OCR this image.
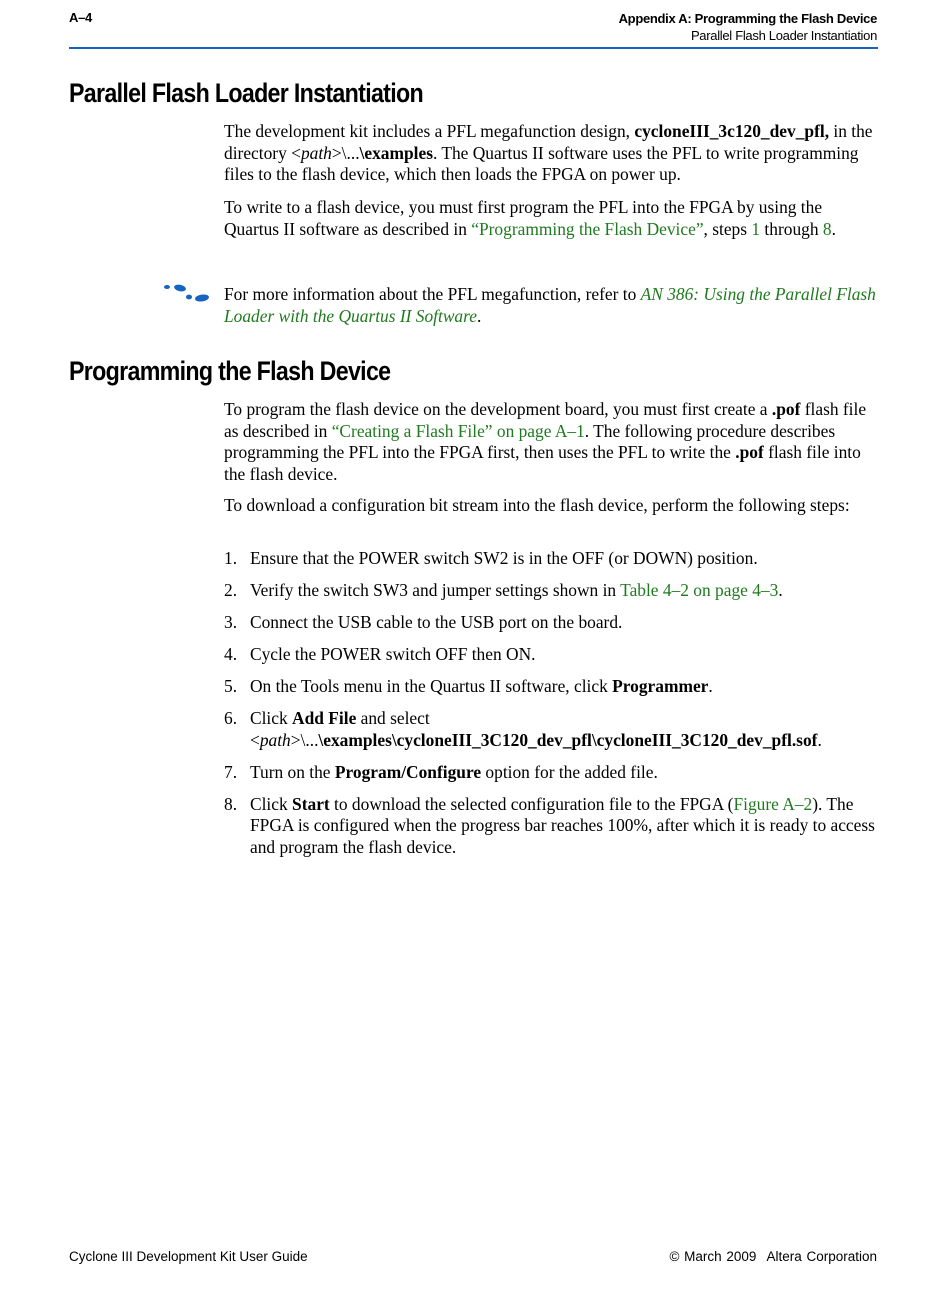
A–4	Appendix A: Programming the Flash Device
Parallel Flash Loader Instantiation
Parallel Flash Loader Instantiation

The development kit includes a PFL megafunction design, cycloneIII_3c120_dev_pfl, in the directory <path>\...\examples. The Quartus II software uses the PFL to write programming files to the flash device, which then loads the FPGA on power up.

To write to a flash device, you must first program the PFL into the FPGA by using the Quartus II software as described in “Programming the Flash Device”, steps 1 through 8.

For more information about the PFL megafunction, refer to AN 386: Using the Parallel Flash Loader with the Quartus II Software.

Programming the Flash Device

To program the flash device on the development board, you must first create a .pof flash file as described in “Creating a Flash File” on page A–1. The following procedure describes programming the PFL into the FPGA first, then uses the PFL to write the .pof flash file into the flash device.

To download a configuration bit stream into the flash device, perform the following steps:

1. Ensure that the POWER switch SW2 is in the OFF (or DOWN) position.
2. Verify the switch SW3 and jumper settings shown in Table 4–2 on page 4–3.
3. Connect the USB cable to the USB port on the board.
4. Cycle the POWER switch OFF then ON.
5. On the Tools menu in the Quartus II software, click Programmer.
6. Click Add File and select <path>\...\examples\cycloneIII_3C120_dev_pfl\cycloneIII_3C120_dev_pfl.sof.
7. Turn on the Program/Configure option for the added file.
8. Click Start to download the selected configuration file to the FPGA (Figure A–2). The FPGA is configured when the progress bar reaches 100%, after which it is ready to access and program the flash device.
Cyclone III Development Kit User Guide	© March 2009 Altera Corporation
